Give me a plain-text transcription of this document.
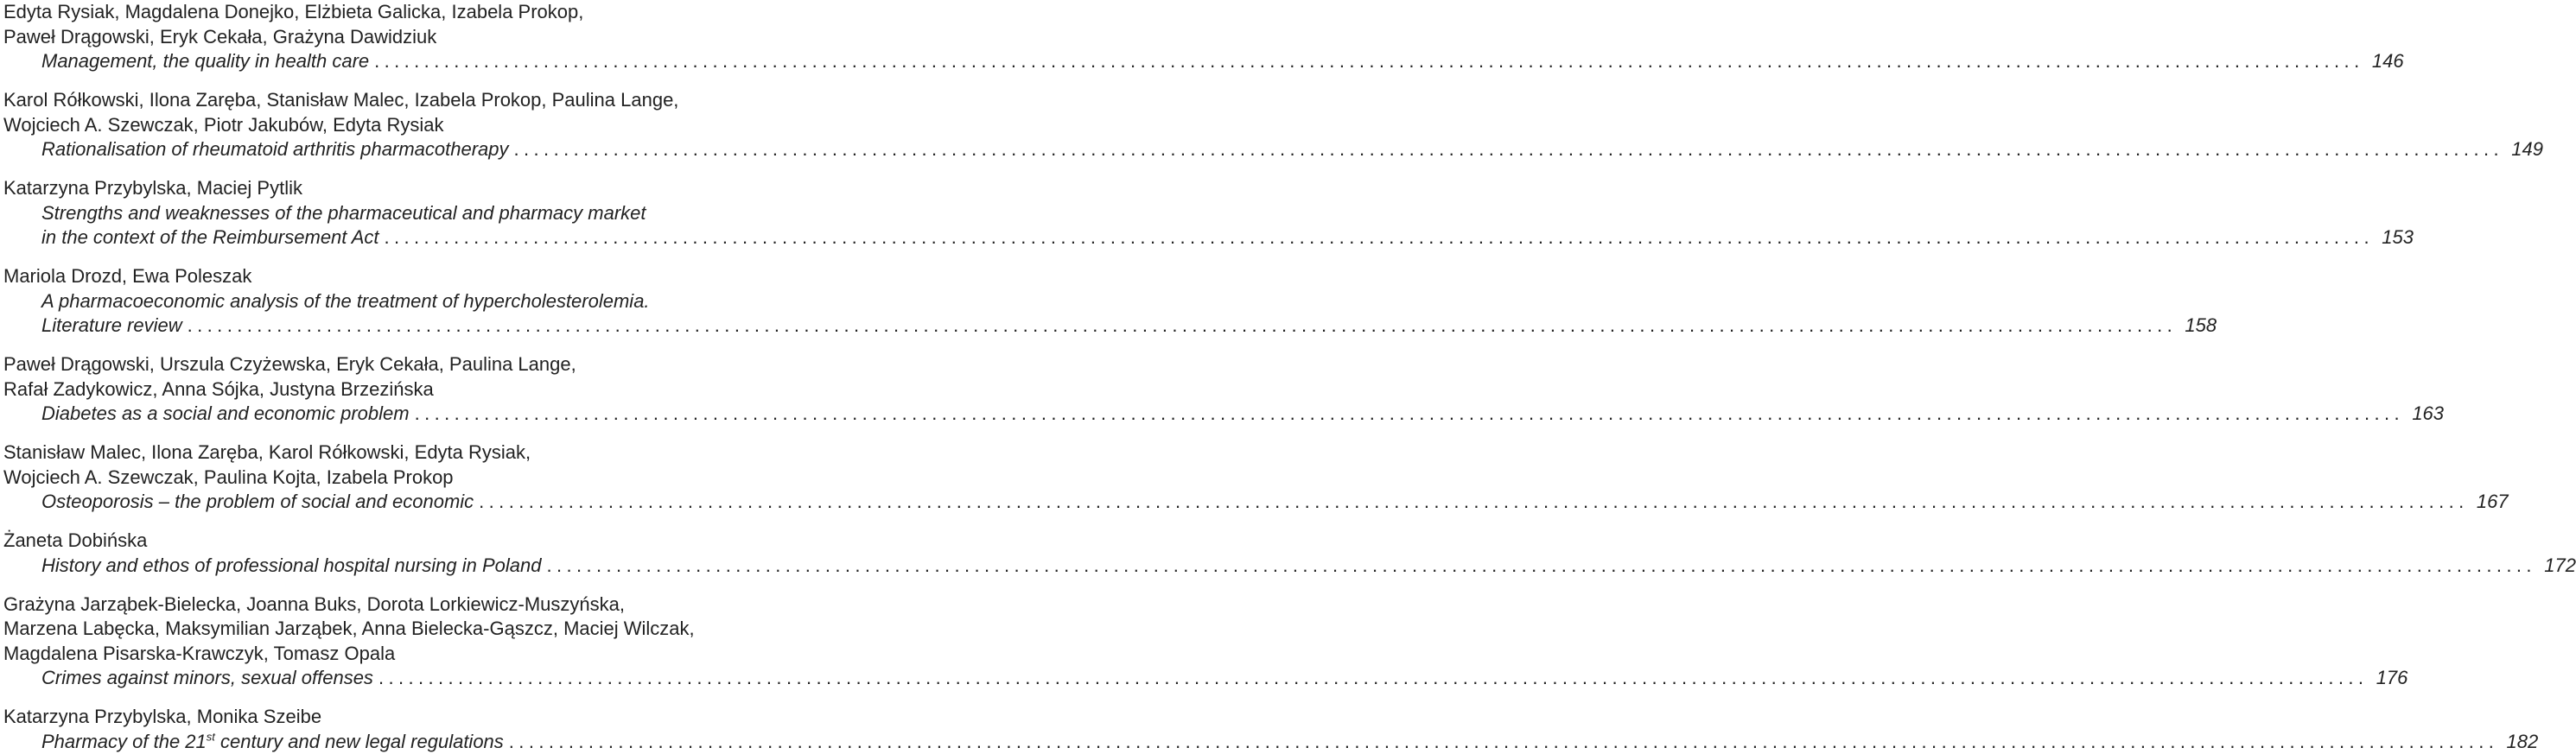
Edyta Rysiak, Magdalena Donejko, Elżbieta Galicka, Izabela Prokop,
Paweł Drągowski, Eryk Cekała, Grażyna Dawidziuk
Management, the quality in health care ........................................................................................................................................................................................................ 146
Karol Rółkowski, Ilona Zaręba, Stanisław Malec, Izabela Prokop, Paulina Lange,
Wojciech A. Szewczak, Piotr Jakubów, Edyta Rysiak
Rationalisation of rheumatoid arthritis pharmacotherapy ........................................................................................................................................................................................................ 149
Katarzyna Przybylska, Maciej Pytlik
Strengths and weaknesses of the pharmaceutical and pharmacy market
in the context of the Reimbursement Act ........................................................................................................................................................................................................ 153
Mariola Drozd, Ewa Poleszak
A pharmacoeconomic analysis of the treatment of hypercholesterolemia.
Literature review ........................................................................................................................................................................................................ 158
Paweł Drągowski, Urszula Czyżewska, Eryk Cekała, Paulina Lange,
Rafał Zadykowicz, Anna Sójka, Justyna Brzezińska
Diabetes as a social and economic problem ........................................................................................................................................................................................................ 163
Stanisław Malec, Ilona Zaręba, Karol Rółkowski, Edyta Rysiak,
Wojciech A. Szewczak, Paulina Kojta, Izabela Prokop
Osteoporosis – the problem of social and economic ........................................................................................................................................................................................................ 167
Żaneta Dobińska
History and ethos of professional hospital nursing in Poland ........................................................................................................................................................................................................ 172
Grażyna Jarząbek-Bielecka, Joanna Buks, Dorota Lorkiewicz-Muszyńska,
Marzena Labęcka, Maksymilian Jarząbek, Anna Bielecka-Gąszcz, Maciej Wilczak,
Magdalena Pisarska-Krawczyk, Tomasz Opala
Crimes against minors, sexual offenses ........................................................................................................................................................................................................ 176
Katarzyna Przybylska, Monika Szeibe
Pharmacy of the 21st century and new legal regulations ........................................................................................................................................................................................................ 182
